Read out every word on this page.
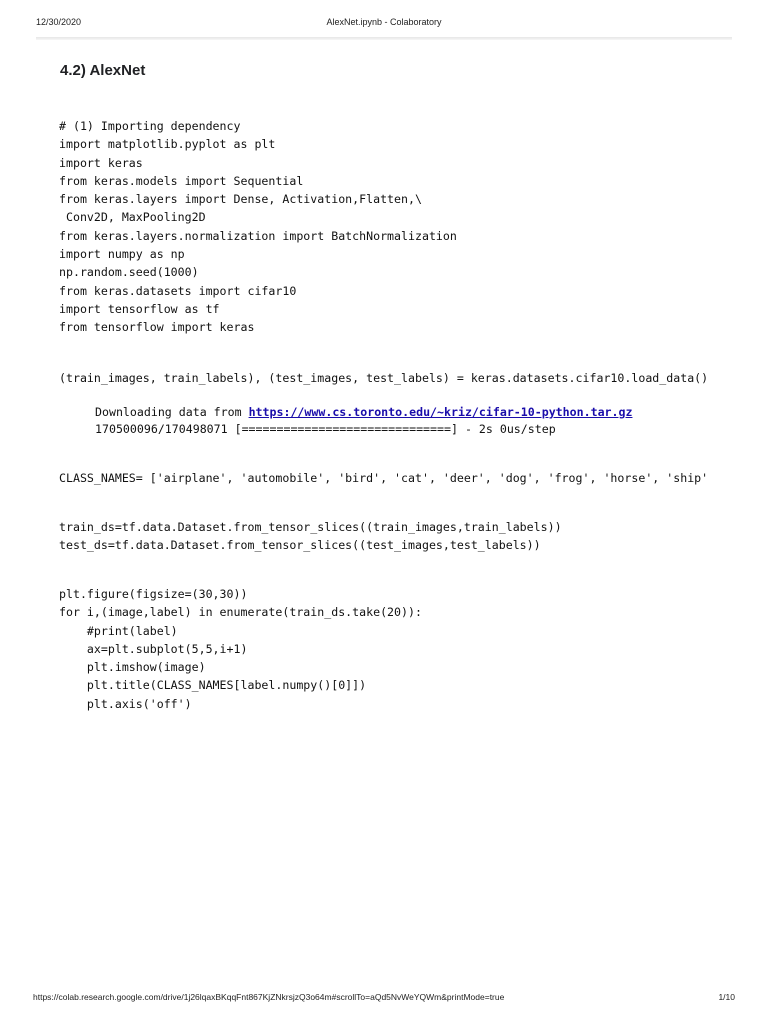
12/30/2020	AlexNet.ipynb - Colaboratory
4.2) AlexNet
# (1) Importing dependency
import matplotlib.pyplot as plt
import keras
from keras.models import Sequential
from keras.layers import Dense, Activation,Flatten,\
Conv2D, MaxPooling2D
from keras.layers.normalization import BatchNormalization
import numpy as np
np.random.seed(1000)
from keras.datasets import cifar10
import tensorflow as tf
from tensorflow import keras
(train_images, train_labels), (test_images, test_labels) = keras.datasets.cifar10.load_data()
Downloading data from https://www.cs.toronto.edu/~kriz/cifar-10-python.tar.gz
170500096/170498071 [==============================] - 2s 0us/step
CLASS_NAMES= ['airplane', 'automobile', 'bird', 'cat', 'deer', 'dog', 'frog', 'horse', 'ship'
train_ds=tf.data.Dataset.from_tensor_slices((train_images,train_labels))
test_ds=tf.data.Dataset.from_tensor_slices((test_images,test_labels))
plt.figure(figsize=(30,30))
for i,(image,label) in enumerate(train_ds.take(20)):
#print(label)
ax=plt.subplot(5,5,i+1)
plt.imshow(image)
plt.title(CLASS_NAMES[label.numpy()[0]])
plt.axis('off')
https://colab.research.google.com/drive/1j26lqaxBKqqFnt867KjZNkrsjzQ3o64m#scrollTo=aQd5NvWeYQWm&printMode=true	1/10
